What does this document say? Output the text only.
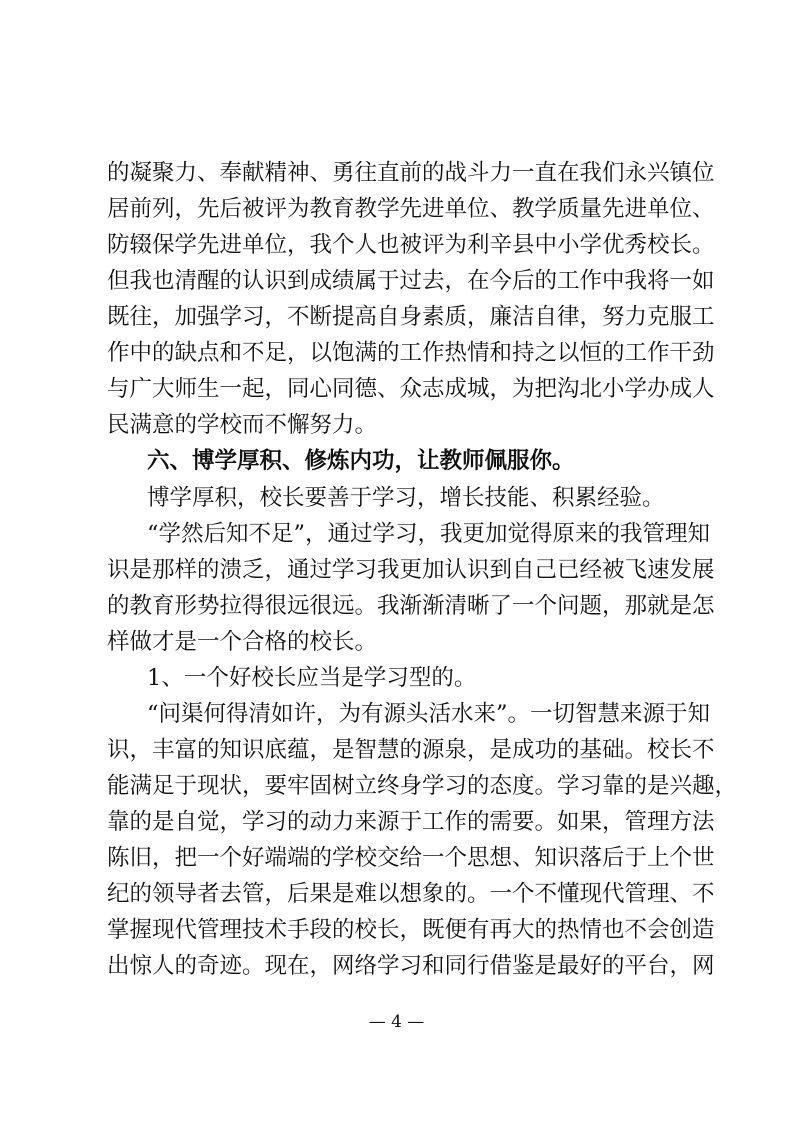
的凝聚力、奉献精神、勇往直前的战斗力一直在我们永兴镇位
居前列，先后被评为教育教学先进单位、教学质量先进单位、
防辍保学先进单位，我个人也被评为利辛县中小学优秀校长。
但我也清醒的认识到成绩属于过去，在今后的工作中我将一如
既往，加强学习，不断提高自身素质，廉洁自律，努力克服工
作中的缺点和不足，以饱满的工作热情和持之以恒的工作干劲
与广大师生一起，同心同德、众志成城，为把沟北小学办成人
民满意的学校而不懈努力。
六、博学厚积、修炼内功，让教师佩服你。
博学厚积，校长要善于学习，增长技能、积累经验。
“学然后知不足”，通过学习，我更加觉得原来的我管理知
识是那样的溃乏，通过学习我更加认识到自己已经被飞速发展
的教育形势拉得很远很远。我渐渐清晰了一个问题，那就是怎
样做才是一个合格的校长。
1、一个好校长应当是学习型的。
“问渠何得清如许，为有源头活水来”。一切智慧来源于知
识，丰富的知识底蕴，是智慧的源泉，是成功的基础。校长不
能满足于现状，要牢固树立终身学习的态度。学习靠的是兴趣，
靠的是自觉，学习的动力来源于工作的需要。如果，管理方法
陈旧，把一个好端端的学校交给一个思想、知识落后于上个世
纪的领导者去管，后果是难以想象的。一个不懂现代管理、不
掌握现代管理技术手段的校长，既便有再大的热情也不会创造
出惊人的奇迹。现在，网络学习和同行借鉴是最好的平台，网
— 4 —
